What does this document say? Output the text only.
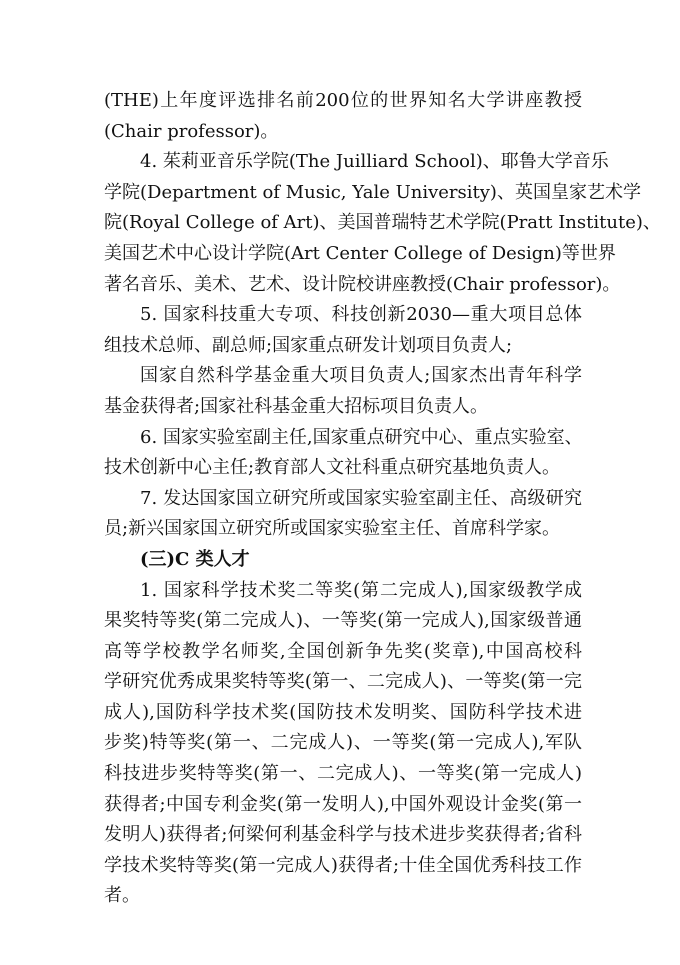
(THE)上年度评选排名前200位的世界知名大学讲座教授
(Chair professor)。
4. 茱莉亚音乐学院(The Juilliard School)、耶鲁大学音乐
学院(Department of Music, Yale University)、英国皇家艺术学
院(Royal College of Art)、美国普瑞特艺术学院(Pratt Institute)、
美国艺术中心设计学院(Art Center College of Design)等世界
著名音乐、美术、艺术、设计院校讲座教授(Chair professor)。
5. 国家科技重大专项、科技创新2030—重大项目总体
组技术总师、副总师;国家重点研发计划项目负责人;
国家自然科学基金重大项目负责人;国家杰出青年科学
基金获得者;国家社科基金重大招标项目负责人。
6. 国家实验室副主任,国家重点研究中心、重点实验室、
技术创新中心主任;教育部人文社科重点研究基地负责人。
7. 发达国家国立研究所或国家实验室副主任、高级研究
员;新兴国家国立研究所或国家实验室主任、首席科学家。
(三)C 类人才
1. 国家科学技术奖二等奖(第二完成人),国家级教学成
果奖特等奖(第二完成人)、一等奖(第一完成人),国家级普通
高等学校教学名师奖,全国创新争先奖(奖章),中国高校科
学研究优秀成果奖特等奖(第一、二完成人)、一等奖(第一完
成人),国防科学技术奖(国防技术发明奖、国防科学技术进
步奖)特等奖(第一、二完成人)、一等奖(第一完成人),军队
科技进步奖特等奖(第一、二完成人)、一等奖(第一完成人)
获得者;中国专利金奖(第一发明人),中国外观设计金奖(第一
发明人)获得者;何梁何利基金科学与技术进步奖获得者;省科
学技术奖特等奖(第一完成人)获得者;十佳全国优秀科技工作
者。
